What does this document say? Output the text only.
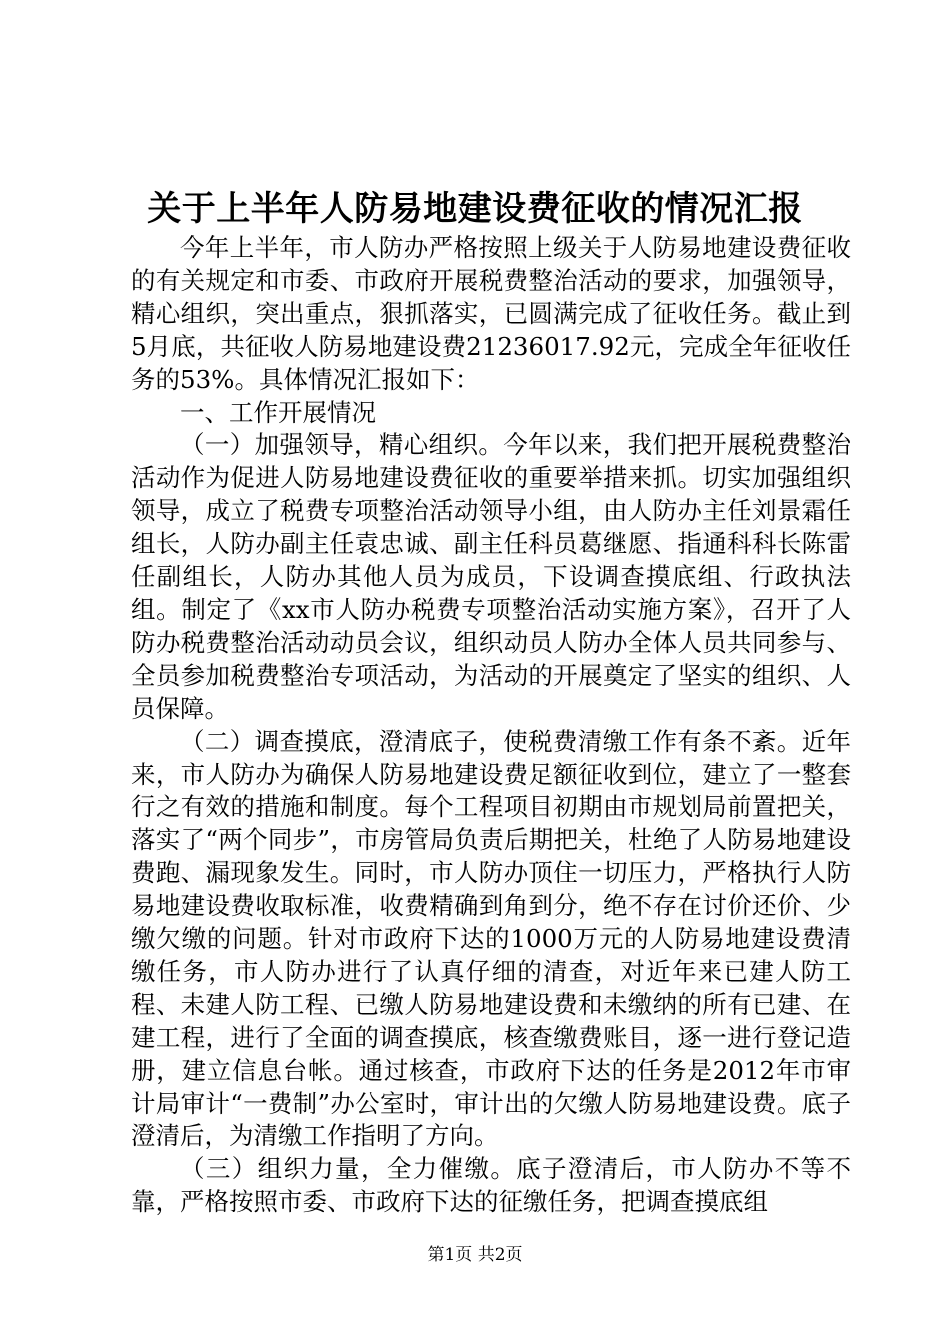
关于上半年人防易地建设费征收的情况汇报

今年上半年，市人防办严格按照上级关于人防易地建设费征收的有关规定和市委、市政府开展税费整治活动的要求，加强领导，精心组织，突出重点，狠抓落实，已圆满完成了征收任务。截止到5月底，共征收人防易地建设费21236017.92元，完成全年征收任务的53%。具体情况汇报如下：

一、工作开展情况

（一）加强领导，精心组织。今年以来，我们把开展税费整治活动作为促进人防易地建设费征收的重要举措来抓。切实加强组织领导，成立了税费专项整治活动领导小组，由人防办主任刘景霜任组长，人防办副主任袁忠诚、副主任科员葛继愿、指通科科长陈雷任副组长，人防办其他人员为成员，下设调查摸底组、行政执法组。制定了《xx市人防办税费专项整治活动实施方案》，召开了人防办税费整治活动动员会议，组织动员人防办全体人员共同参与、全员参加税费整治专项活动，为活动的开展奠定了坚实的组织、人员保障。

（二）调查摸底，澄清底子，使税费清缴工作有条不紊。近年来，市人防办为确保人防易地建设费足额征收到位，建立了一整套行之有效的措施和制度。每个工程项目初期由市规划局前置把关，落实了“两个同步”，市房管局负责后期把关，杜绝了人防易地建设费跑、漏现象发生。同时，市人防办顶住一切压力，严格执行人防易地建设费收取标准，收费精确到角到分，绝不存在讨价还价、少缴欠缴的问题。针对市政府下达的1000万元的人防易地建设费清缴任务，市人防办进行了认真仔细的清查，对近年来已建人防工程、未建人防工程、已缴人防易地建设费和未缴纳的所有已建、在建工程，进行了全面的调查摸底，核查缴费账目，逐一进行登记造册，建立信息台帐。通过核查，市政府下达的任务是2012年市审计局审计“一费制”办公室时，审计出的欠缴人防易地建设费。底子澄清后，为清缴工作指明了方向。

（三）组织力量，全力催缴。底子澄清后，市人防办不等不靠，严格按照市委、市政府下达的征缴任务，把调查摸底组

第1页 共2页
